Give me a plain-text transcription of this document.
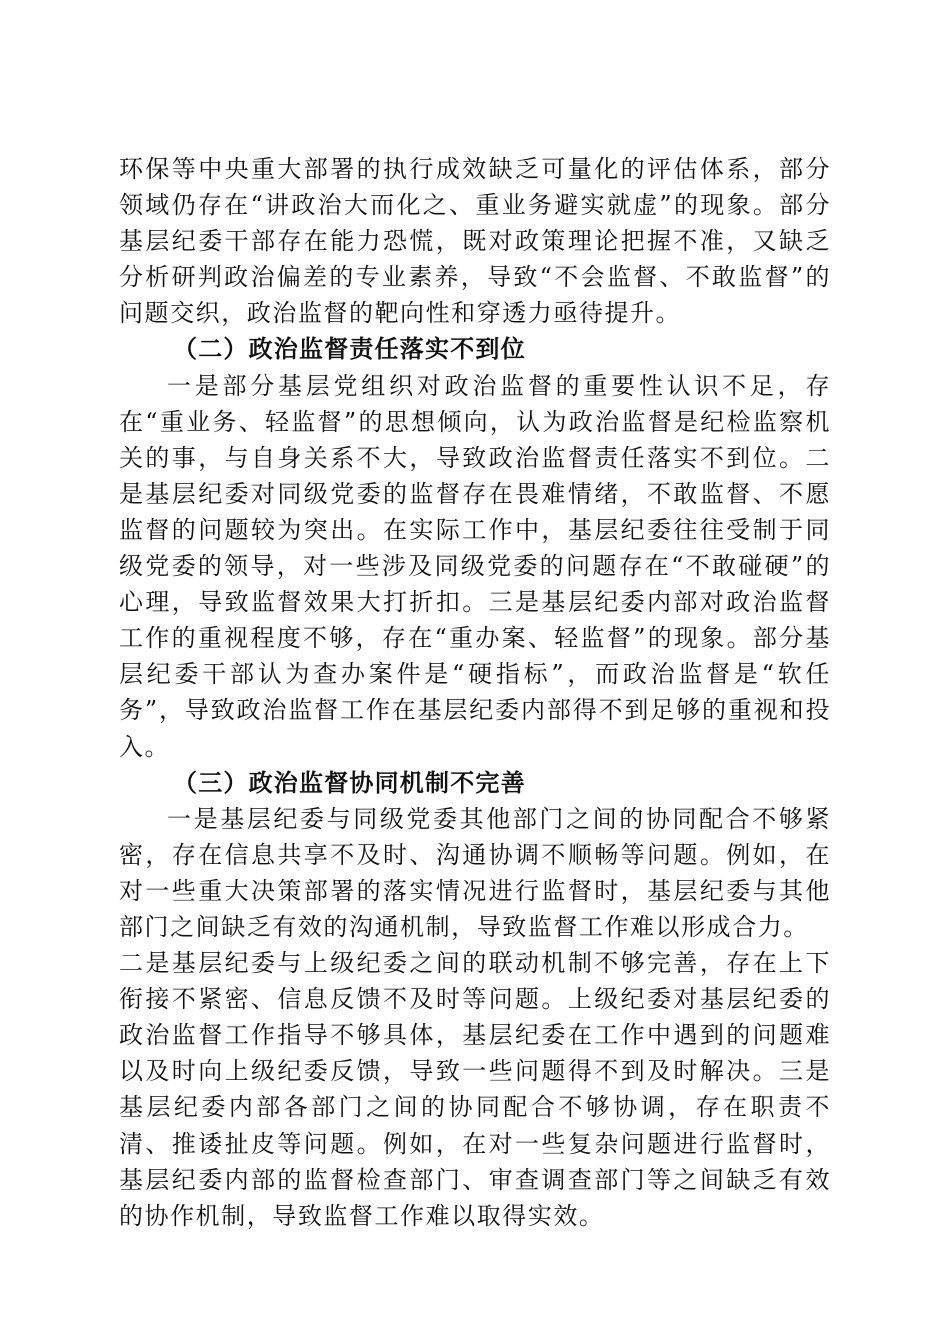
环保等中央重大部署的执行成效缺乏可量化的评估体系，部分领域仍存在“讲政治大而化之、重业务避实就虚”的现象。部分基层纪委干部存在能力恐慌，既对政策理论把握不准，又缺乏分析研判政治偏差的专业素养，导致“不会监督、不敢监督”的问题交织，政治监督的靶向性和穿透力亟待提升。

（二）政治监督责任落实不到位

一是部分基层党组织对政治监督的重要性认识不足，存在“重业务、轻监督”的思想倾向，认为政治监督是纪检监察机关的事，与自身关系不大，导致政治监督责任落实不到位。二是基层纪委对同级党委的监督存在畏难情绪，不敢监督、不愿监督的问题较为突出。在实际工作中，基层纪委往往受制于同级党委的领导，对一些涉及同级党委的问题存在“不敢碰硬”的心理，导致监督效果大打折扣。三是基层纪委内部对政治监督工作的重视程度不够，存在“重办案、轻监督”的现象。部分基层纪委干部认为查办案件是“硬指标”，而政治监督是“软任务”，导致政治监督工作在基层纪委内部得不到足够的重视和投入。

（三）政治监督协同机制不完善

一是基层纪委与同级党委其他部门之间的协同配合不够紧密，存在信息共享不及时、沟通协调不顺畅等问题。例如，在对一些重大决策部署的落实情况进行监督时，基层纪委与其他部门之间缺乏有效的沟通机制，导致监督工作难以形成合力。

二是基层纪委与上级纪委之间的联动机制不够完善，存在上下衔接不紧密、信息反馈不及时等问题。上级纪委对基层纪委的政治监督工作指导不够具体，基层纪委在工作中遇到的问题难以及时向上级纪委反馈，导致一些问题得不到及时解决。三是基层纪委内部各部门之间的协同配合不够协调，存在职责不清、推诿扯皮等问题。例如，在对一些复杂问题进行监督时，基层纪委内部的监督检查部门、审查调查部门等之间缺乏有效的协作机制，导致监督工作难以取得实效。
